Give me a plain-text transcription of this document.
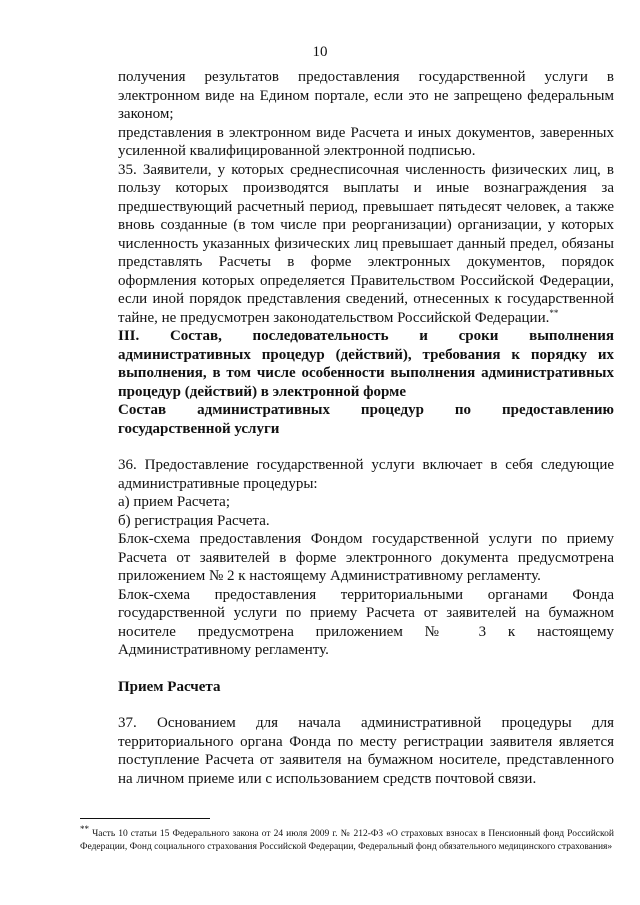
10

получения результатов предоставления государственной услуги в электронном виде на Едином портале, если это не запрещено федеральным законом;

представления в электронном виде Расчета и иных документов, заверенных усиленной квалифицированной электронной подписью.

35. Заявители, у которых среднесписочная численность физических лиц, в пользу которых производятся выплаты и иные вознаграждения за предшествующий расчетный период, превышает пятьдесят человек, а также вновь созданные (в том числе при реорганизации) организации, у которых численность указанных физических лиц превышает данный предел, обязаны представлять Расчеты в форме электронных документов, порядок оформления которых определяется Правительством Российской Федерации, если иной порядок представления сведений, отнесенных к государственной тайне, не предусмотрен законодательством Российской Федерации.**

III. Состав, последовательность и сроки выполнения административных процедур (действий), требования к порядку их выполнения, в том числе особенности выполнения административных процедур (действий) в электронной форме

Состав административных процедур по предоставлению государственной услуги

36. Предоставление государственной услуги включает в себя следующие административные процедуры:

а) прием Расчета;

б) регистрация Расчета.

Блок-схема предоставления Фондом государственной услуги по приему Расчета от заявителей в форме электронного документа предусмотрена приложением № 2 к настоящему Административному регламенту.

Блок-схема предоставления территориальными органами Фонда государственной услуги по приему Расчета от заявителей на бумажном носителе предусмотрена приложением № 3 к настоящему Административному регламенту.

Прием Расчета

37. Основанием для начала административной процедуры для территориального органа Фонда по месту регистрации заявителя является поступление Расчета от заявителя на бумажном носителе, представленного на личном приеме или с использованием средств почтовой связи.

** Часть 10 статьи 15 Федерального закона от 24 июля 2009 г. № 212-ФЗ «О страховых взносах в Пенсионный фонд Российской Федерации, Фонд социального страхования Российской Федерации, Федеральный фонд обязательного медицинского страхования»
